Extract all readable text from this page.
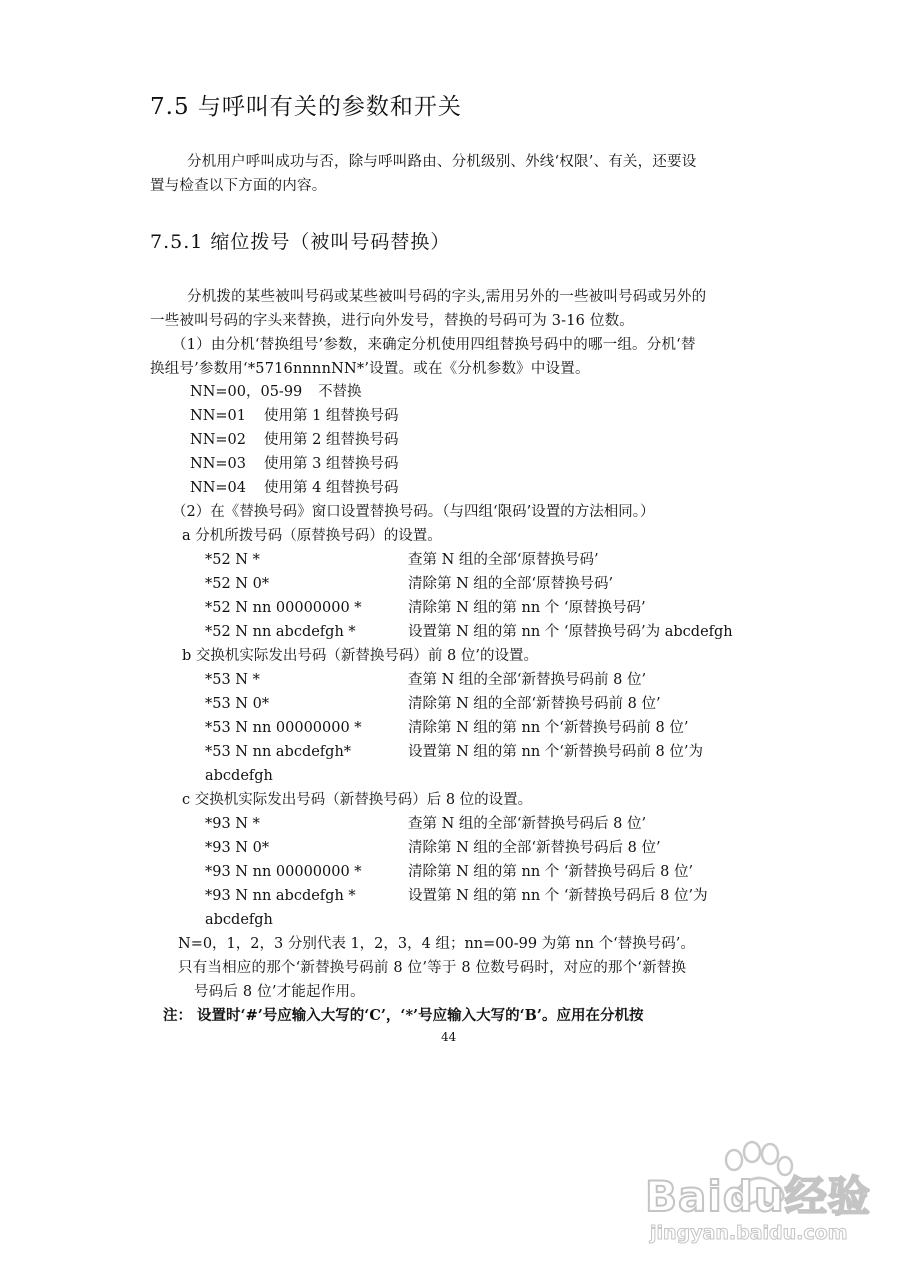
7.5 与呼叫有关的参数和开关
分机用户呼叫成功与否，除与呼叫路由、分机级别、外线‘权限’、有关，还要设
置与检查以下方面的内容。
7.5.1 缩位拨号（被叫号码替换）
分机拨的某些被叫号码或某些被叫号码的字头,需用另外的一些被叫号码或另外的
一些被叫号码的字头来替换，进行向外发号，替换的号码可为 3-16 位数。
（1）由分机‘替换组号’参数，来确定分机使用四组替换号码中的哪一组。分机‘替
换组号’参数用‘*5716nnnnNN*’设置。或在《分机参数》中设置。
NN=00，05-99 不替换
NN=01 使用第 1 组替换号码
NN=02 使用第 2 组替换号码
NN=03 使用第 3 组替换号码
NN=04 使用第 4 组替换号码
（2）在《替换号码》窗口设置替换号码。（与四组‘限码’设置的方法相同。）
a 分机所拨号码（原替换号码）的设置。
*52 N *	查第 N 组的全部‘原替换号码’
*52 N 0*	清除第 N 组的全部‘原替换号码’
*52 N nn 00000000 *	清除第 N 组的第 nn 个 ‘原替换号码’
*52 N nn abcdefgh *	设置第 N 组的第 nn 个 ‘原替换号码’为 abcdefgh
b 交换机实际发出号码（新替换号码）前 8 位’的设置。
*53 N *	查第 N 组的全部‘新替换号码前 8 位’
*53 N 0*	清除第 N 组的全部‘新替换号码前 8 位’
*53 N nn 00000000 *	清除第 N 组的第 nn 个‘新替换号码前 8 位’
*53 N nn abcdefgh*	设置第 N 组的第 nn 个‘新替换号码前 8 位’为
abcdefgh
c 交换机实际发出号码（新替换号码）后 8 位的设置。
*93 N *	查第 N 组的全部‘新替换号码后 8 位’
*93 N 0*	清除第 N 组的全部‘新替换号码后 8 位’
*93 N nn 00000000 *	清除第 N 组的第 nn 个 ‘新替换号码后 8 位’
*93 N nn abcdefgh *	设置第 N 组的第 nn 个 ‘新替换号码后 8 位’为
abcdefgh
N=0，1，2，3 分别代表 1，2，3，4 组；nn=00-99 为第 nn 个‘替换号码’。
只有当相应的那个‘新替换号码前 8 位’等于 8 位数号码时，对应的那个‘新替换
号码后 8 位’才能起作用。
注： 设置时‘#’号应输入大写的‘C’，‘*’号应输入大写的‘B’。应用在分机按
44
Baidu经验
jingyan.baidu.com
